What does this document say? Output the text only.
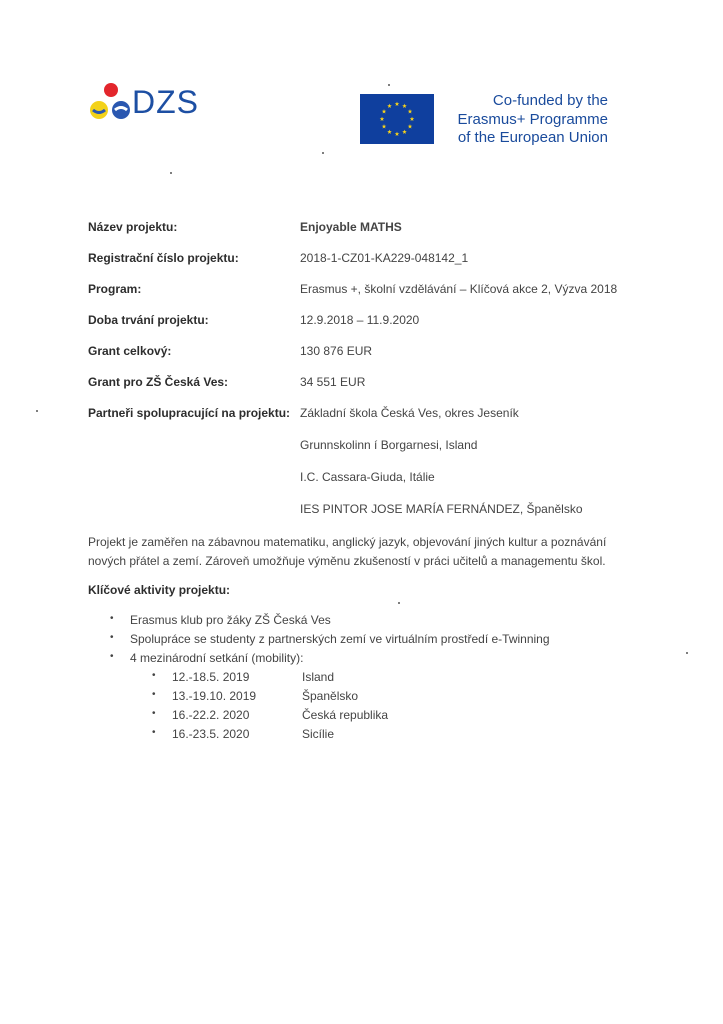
DZS	Co-funded by the
Erasmus+ Programme
of the European Union
Název projektu:	Enjoyable MATHS
Registrační číslo projektu:	2018-1-CZ01-KA229-048142_1
Program:	Erasmus +, školní vzdělávání – Klíčová akce 2, Výzva 2018
Doba trvání projektu:	12.9.2018 – 11.9.2020
Grant celkový:	130 876 EUR
Grant pro ZŠ Česká Ves:	34 551 EUR
Partneři spolupracující na projektu: Základní škola Česká Ves, okres Jeseník
Grunnskolinn í Borgarnesi, Island
I.C. Cassara-Giuda, Itálie
IES PINTOR JOSE MARÍA FERNÁNDEZ, Španělsko
Projekt je zaměřen na zábavnou matematiku, anglický jazyk, objevování jiných kultur a poznávání
nových přátel a zemí. Zároveň umožňuje výměnu zkušeností v práci učitelů a managementu škol.
Klíčové aktivity projektu:
• Erasmus klub pro žáky ZŠ Česká Ves
• Spolupráce se studenty z partnerských zemí ve virtuálním prostředí e-Twinning
• 4 mezinárodní setkání (mobility):
• 12.-18.5. 2019	Island
• 13.-19.10. 2019	Španělsko
• 16.-22.2. 2020	Česká republika
• 16.-23.5. 2020	Sicílie
